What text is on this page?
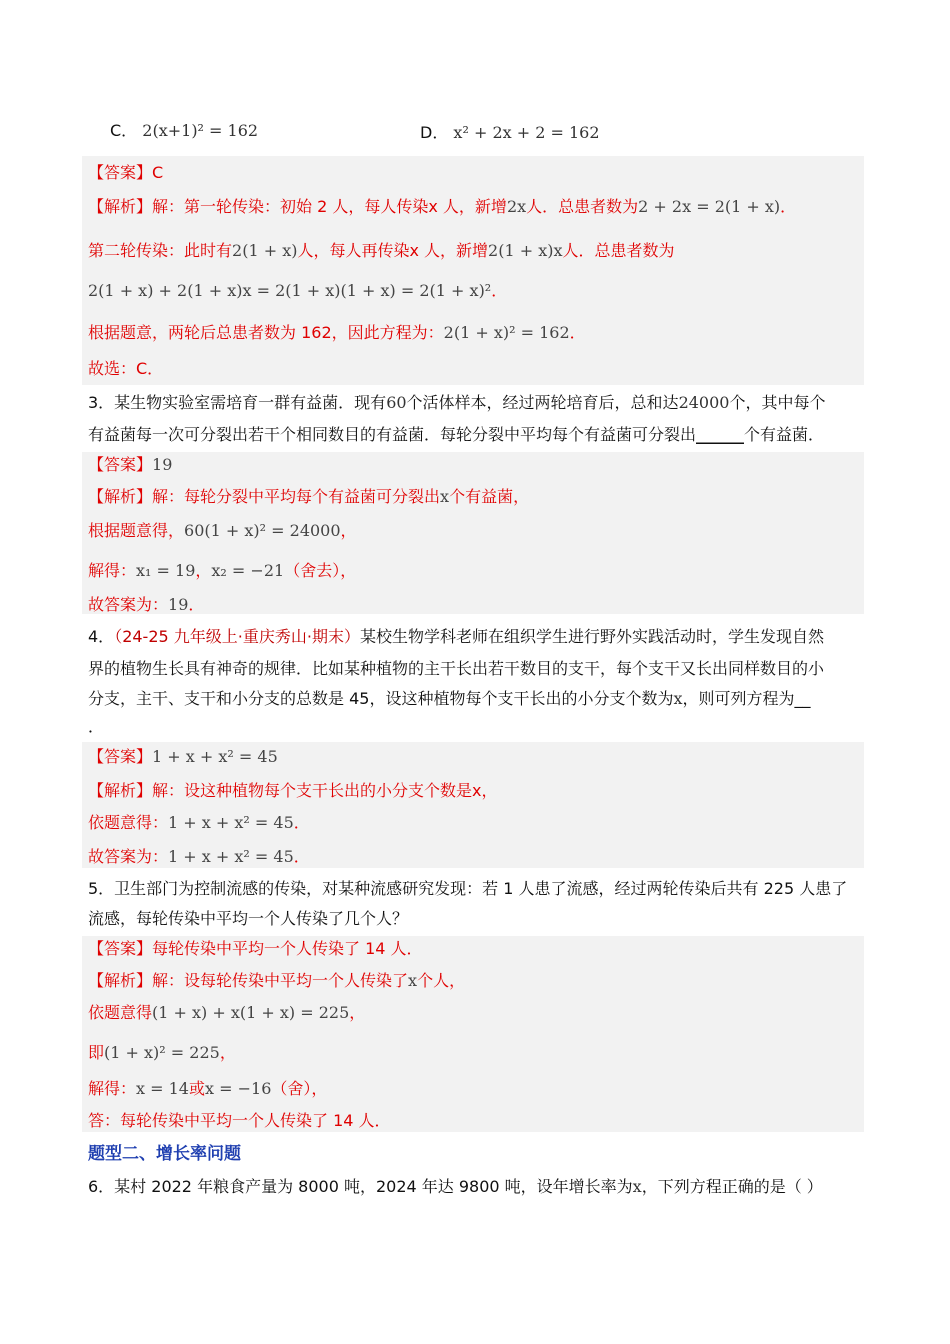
C． 2(x+1)² = 162	D． x² + 2x + 2 = 162
【答案】C
【解析】解：第一轮传染：初始 2 人，每人传染x 人，新增2x人．总患者数为2 + 2x = 2(1 + x)．
第二轮传染：此时有2(1 + x)人，每人再传染x 人，新增2(1 + x)x人．总患者数为
2(1 + x) + 2(1 + x)x = 2(1 + x)(1 + x) = 2(1 + x)²．
根据题意，两轮后总患者数为 162，因此方程为：2(1 + x)² = 162．
故选：C．
3．某生物实验室需培育一群有益菌．现有60个活体样本，经过两轮培育后，总和达24000个，其中每个
有益菌每一次可分裂出若干个相同数目的有益菌．每轮分裂中平均每个有益菌可分裂出______个有益菌．
【答案】19
【解析】解：每轮分裂中平均每个有益菌可分裂出x个有益菌，
根据题意得，60(1 + x)² = 24000，
解得：x₁ = 19，x₂ = −21（舍去），
故答案为：19．
4．（24-25 九年级上·重庆秀山·期末）某校生物学科老师在组织学生进行野外实践活动时，学生发现自然
界的植物生长具有神奇的规律．比如某种植物的主干长出若干数目的支干，每个支干又长出同样数目的小
分支，主干、支干和小分支的总数是 45，设这种植物每个支干长出的小分支个数为x，则可列方程为__
．
【答案】1 + x + x² = 45
【解析】解：设这种植物每个支干长出的小分支个数是x，
依题意得：1 + x + x² = 45．
故答案为：1 + x + x² = 45．
5．卫生部门为控制流感的传染，对某种流感研究发现：若 1 人患了流感，经过两轮传染后共有 225 人患了
流感，每轮传染中平均一个人传染了几个人？
【答案】每轮传染中平均一个人传染了 14 人．
【解析】解：设每轮传染中平均一个人传染了x个人，
依题意得(1 + x) + x(1 + x) = 225，
即(1 + x)² = 225，
解得：x = 14或x = −16（舍），
答：每轮传染中平均一个人传染了 14 人．
题型二、增长率问题
6．某村 2022 年粮食产量为 8000 吨，2024 年达 9800 吨，设年增长率为x，下列方程正确的是（ ）
